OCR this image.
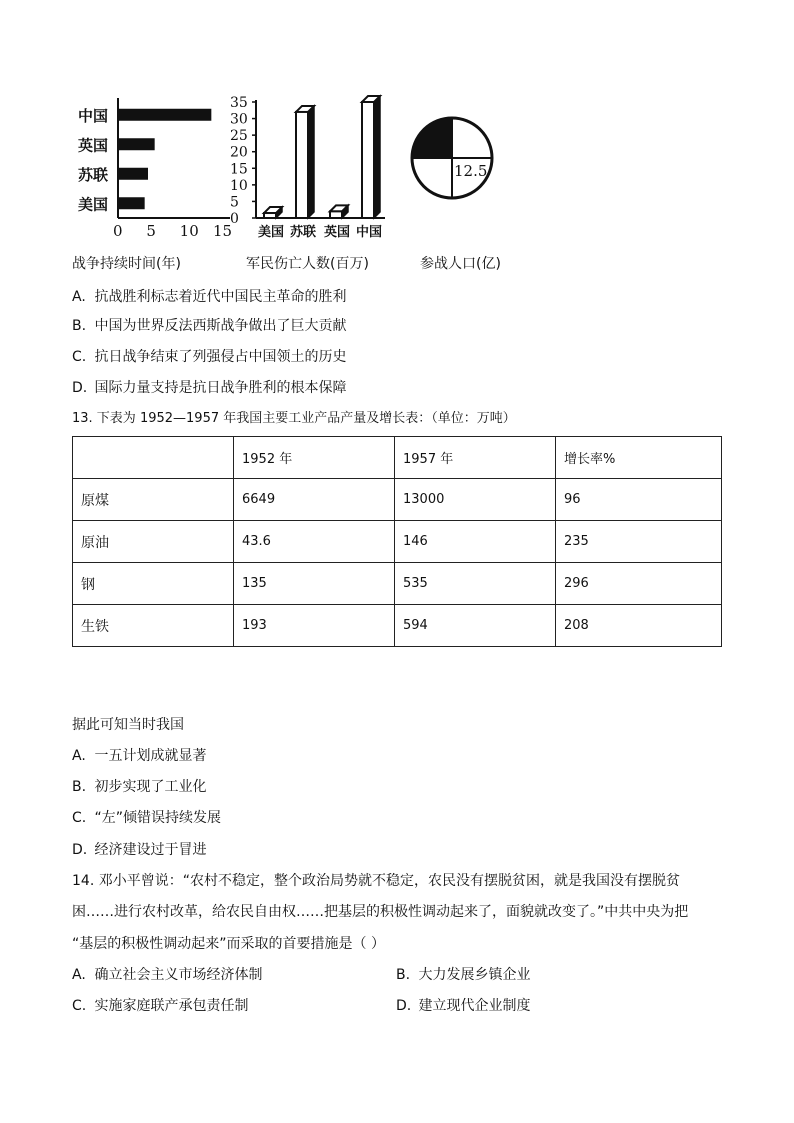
中国
英国
苏联
美国
0 5 10 15
35
30
25
20
15
10
5
0
美国 苏联 英国 中国
12.5
战争持续时间(年)	军民伤亡人数(百万)	参战人口(亿)
A. 抗战胜利标志着近代中国民主革命的胜利
B. 中国为世界反法西斯战争做出了巨大贡献
C. 抗日战争结束了列强侵占中国领土的历史
D. 国际力量支持是抗日战争胜利的根本保障
13. 下表为 1952—1957 年我国主要工业产品产量及增长表：（单位：万吨）
	1952 年	1957 年	增长率%
原煤	6649	13000	96
原油	43.6	146	235
钢	135	535	296
生铁	193	594	208
据此可知当时我国
A. 一五计划成就显著
B. 初步实现了工业化
C. “左”倾错误持续发展
D. 经济建设过于冒进
14. 邓小平曾说：“农村不稳定，整个政治局势就不稳定，农民没有摆脱贫困，就是我国没有摆脱贫
困……进行农村改革，给农民自由权……把基层的积极性调动起来了，面貌就改变了。”中共中央为把
“基层的积极性调动起来”而采取的首要措施是（ ）
A. 确立社会主义市场经济体制	B. 大力发展乡镇企业
C. 实施家庭联产承包责任制	D. 建立现代企业制度
